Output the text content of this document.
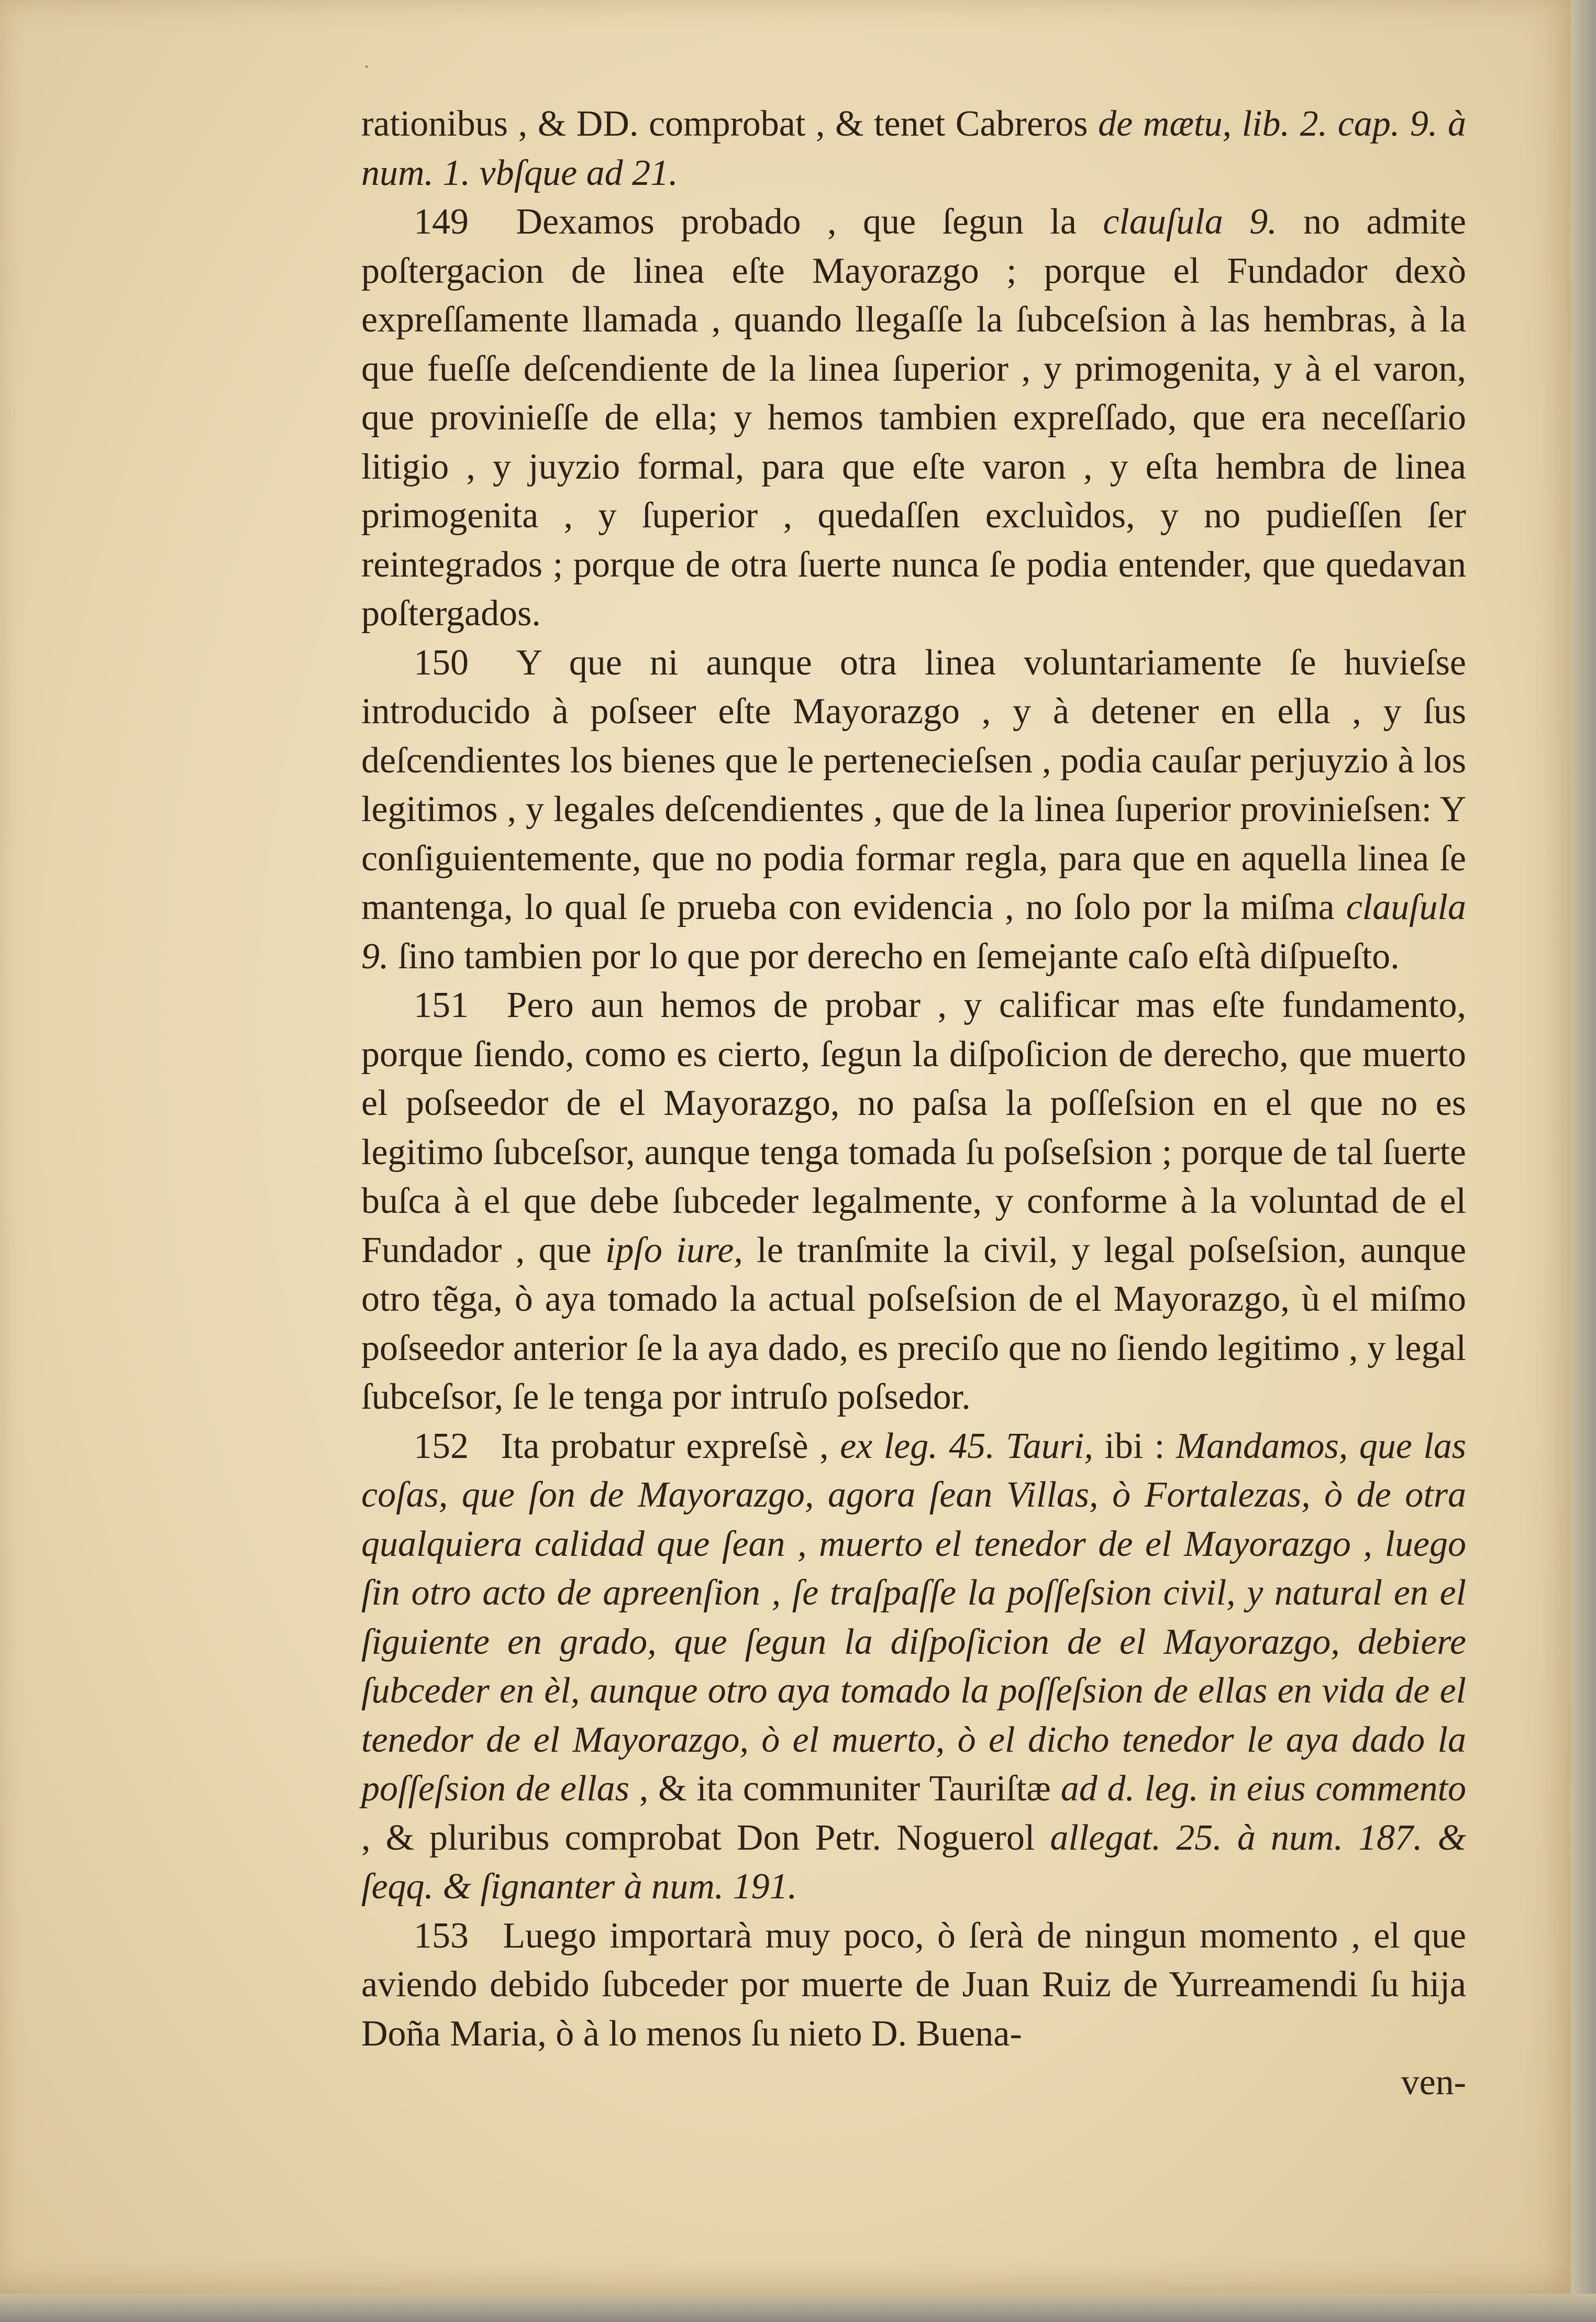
˙

rationibus , & DD. comprobat , & tenet Cabreros de mætu, lib. 2. cap. 9. à num. 1. vbſque ad 21.

149 Dexamos probado , que ſegun la clauſula 9. no admite poſtergacion de linea eſte Mayorazgo ; porque el Fundador dexò expreſſamente llamada , quando llegaſſe la ſubceſsion à las hembras, à la que fueſſe deſcendiente de la linea ſuperior , y primogenita, y à el varon, que provinieſſe de ella; y hemos tambien expreſſado, que era neceſſario litigio , y juyzio formal, para que eſte varon , y eſta hembra de linea primogenita , y ſuperior , quedaſſen excluìdos, y no pudieſſen ſer reintegrados ; porque de otra ſuerte nunca ſe podia entender, que quedavan poſtergados.

150 Y que ni aunque otra linea voluntariamente ſe huvieſse introducido à poſseer eſte Mayorazgo , y à detener en ella , y ſus deſcendientes los bienes que le pertenecieſsen , podia cauſar perjuyzio à los legitimos , y legales deſcendientes , que de la linea ſuperior provinieſsen: Y conſiguientemente, que no podia formar regla, para que en aquella linea ſe mantenga, lo qual ſe prueba con evidencia , no ſolo por la miſma clauſula 9. ſino tambien por lo que por derecho en ſemejante caſo eſtà diſpueſto.

151 Pero aun hemos de probar , y calificar mas eſte fundamento, porque ſiendo, como es cierto, ſegun la diſpoſicion de derecho, que muerto el poſseedor de el Mayorazgo, no paſsa la poſſeſsion en el que no es legitimo ſubceſsor, aunque tenga tomada ſu poſseſsion ; porque de tal ſuerte buſca à el que debe ſubceder legalmente, y conforme à la voluntad de el Fundador , que ipſo iure, le tranſmite la civil, y legal poſseſsion, aunque otro tẽga, ò aya tomado la actual poſseſsion de el Mayorazgo, ù el miſmo poſseedor anterior ſe la aya dado, es preciſo que no ſiendo legitimo , y legal ſubceſsor, ſe le tenga por intruſo poſsedor.

152 Ita probatur expreſsè , ex leg. 45. Tauri, ibi : Mandamos, que las coſas, que ſon de Mayorazgo, agora ſean Villas, ò Fortalezas, ò de otra qualquiera calidad que ſean , muerto el tenedor de el Mayorazgo , luego ſin otro acto de apreenſion , ſe traſpaſſe la poſſeſsion civil, y natural en el ſiguiente en grado, que ſegun la diſpoſicion de el Mayorazgo, debiere ſubceder en èl, aunque otro aya tomado la poſſeſsion de ellas en vida de el tenedor de el Mayorazgo, ò el muerto, ò el dicho tenedor le aya dado la poſſeſsion de ellas , & ita communiter Tauriſtæ ad d. leg. in eius commento , & pluribus comprobat Don Petr. Noguerol allegat. 25. à num. 187. & ſeqq. & ſignanter à num. 191.

153 Luego importarà muy poco, ò ſerà de ningun momento , el que aviendo debido ſubceder por muerte de Juan Ruiz de Yurreamendi ſu hija Doña Maria, ò à lo menos ſu nieto D. Buena-

ven-
